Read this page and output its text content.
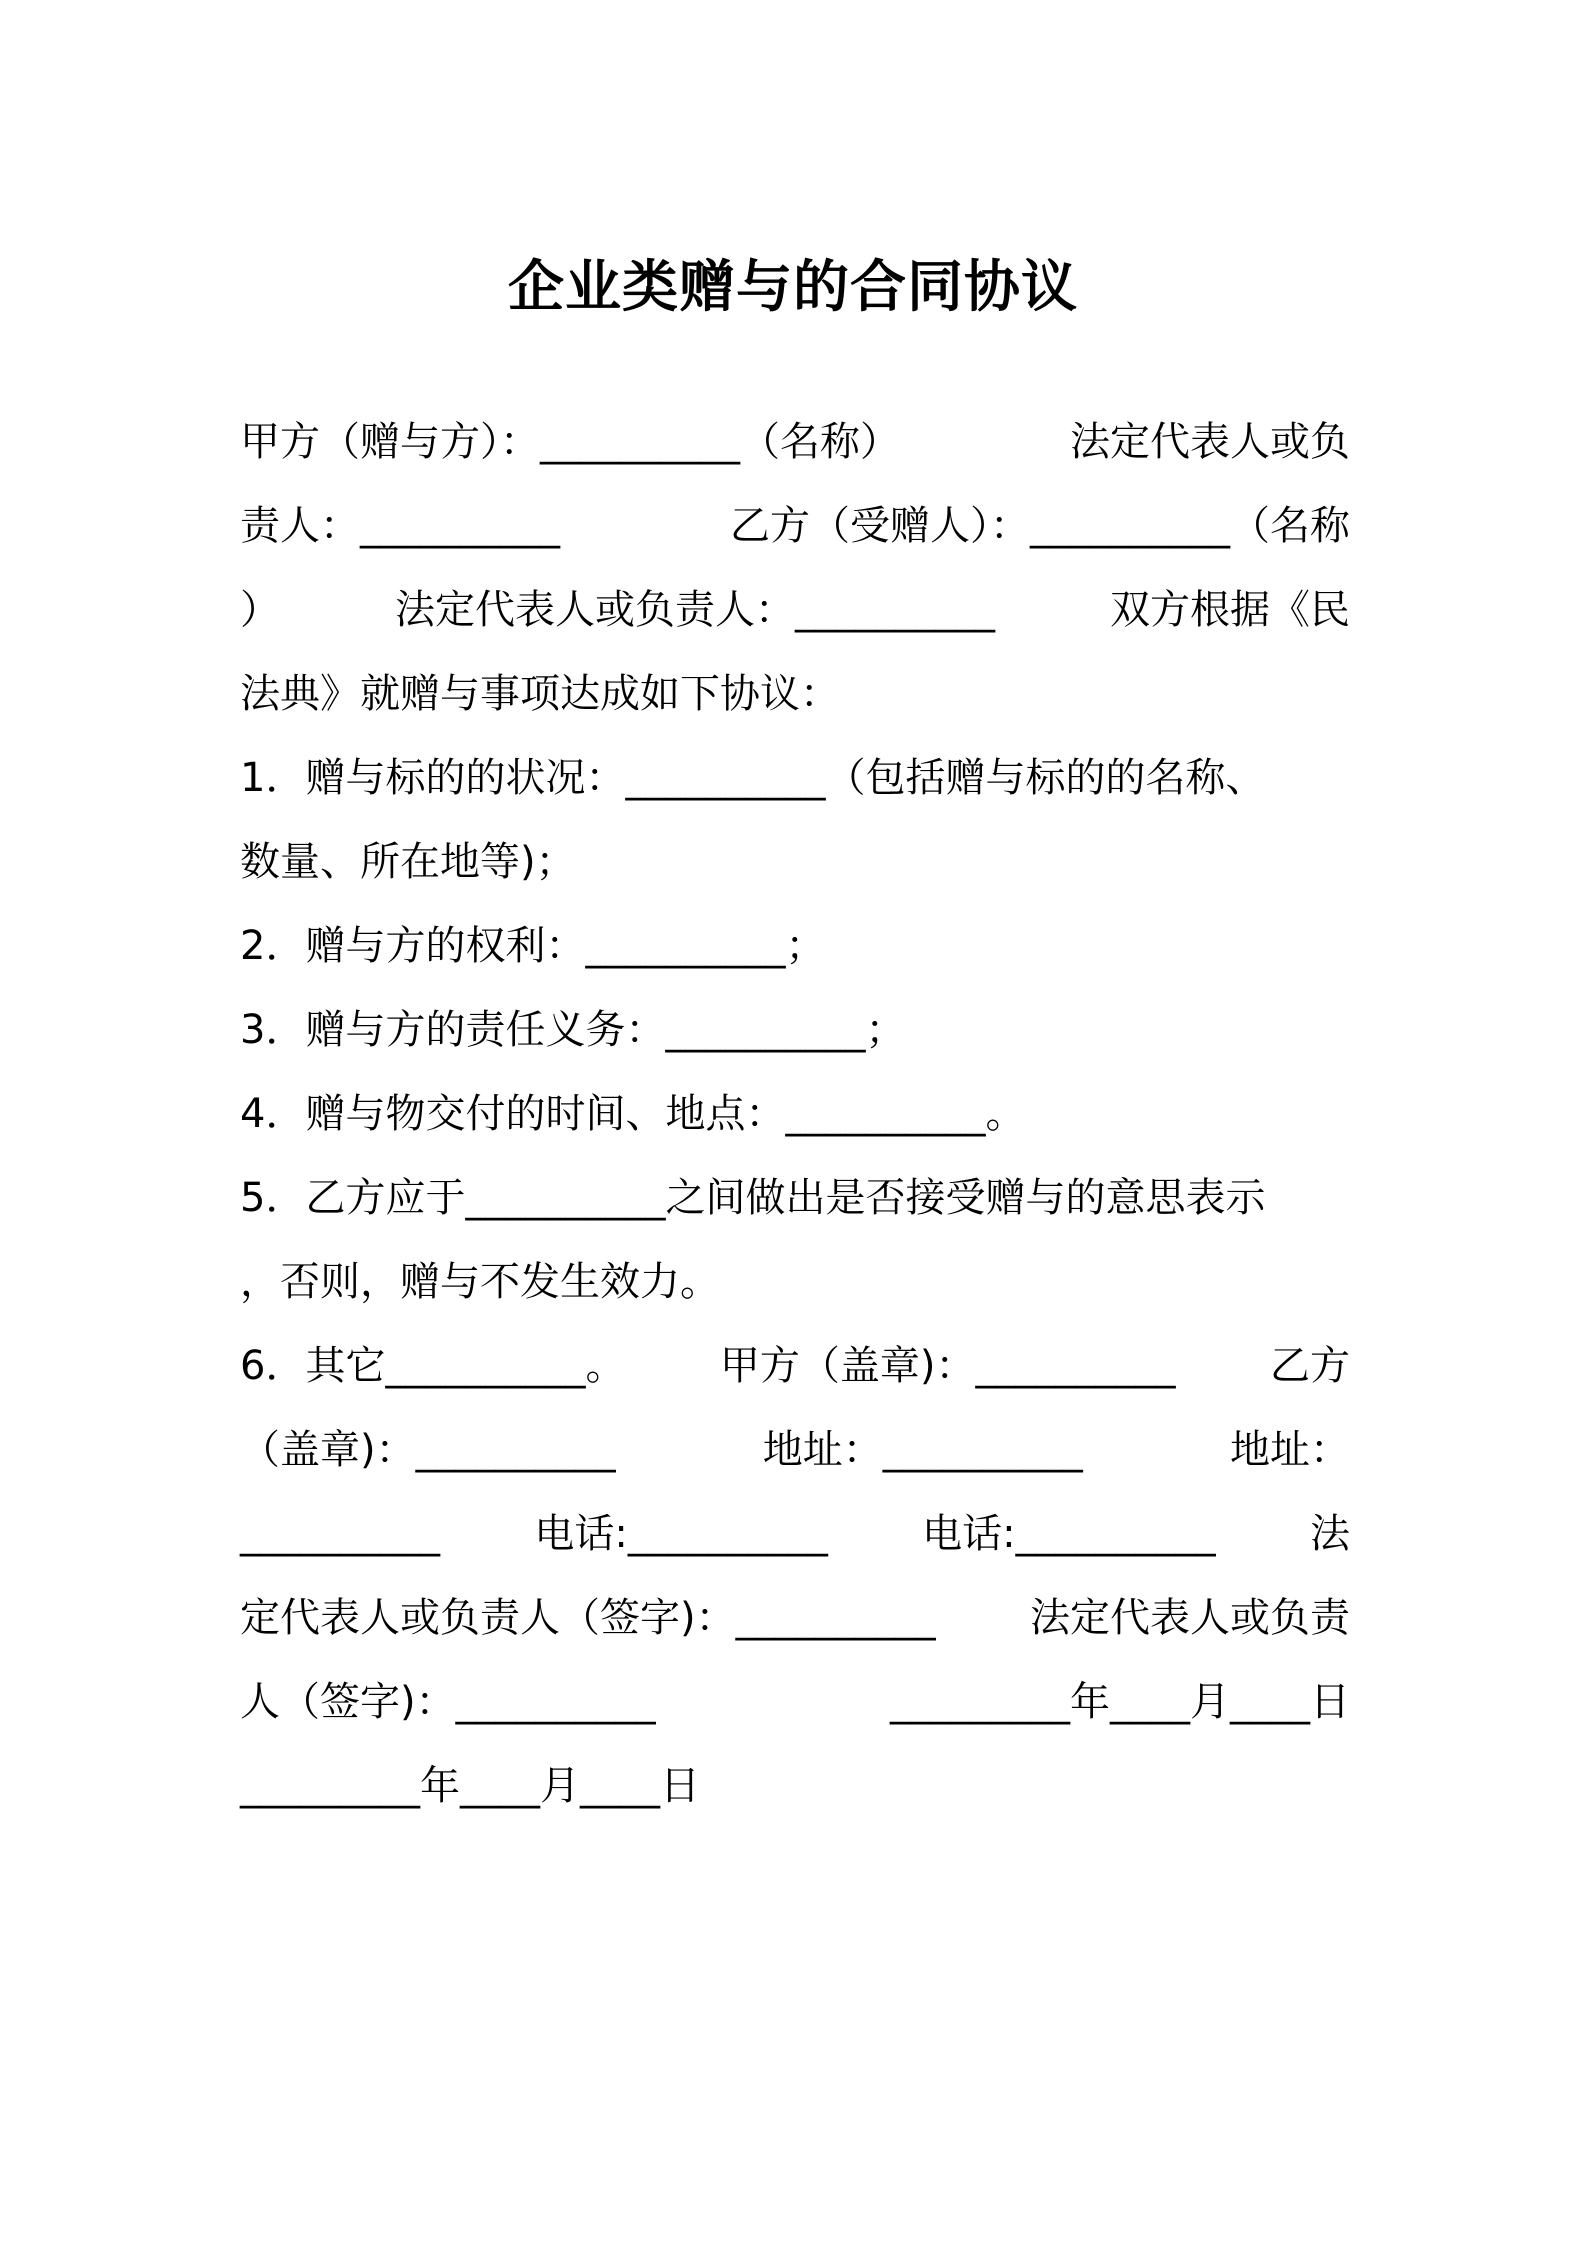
企业类赠与的合同协议
甲方（赠与方）：__________（名称）	法定代表人或负
责人：__________	乙方（受赠人）：__________（名称
）	法定代表人或负责人：__________	双方根据《民
法典》就赠与事项达成如下协议：
1．赠与标的的状况：__________（包括赠与标的的名称、
数量、所在地等)；
2．赠与方的权利：__________；
3．赠与方的责任义务：__________；
4．赠与物交付的时间、地点：__________。
5．乙方应于__________之间做出是否接受赠与的意思表示
，否则，赠与不发生效力。
6．其它__________。 甲方（盖章)：__________ 乙方
（盖章)：__________	地址：__________	地址：
__________ 电话:__________ 电话:__________ 法
定代表人或负责人（签字)：__________ 法定代表人或负责
人（签字)：__________	_________年____月____日
_________年____月____日
